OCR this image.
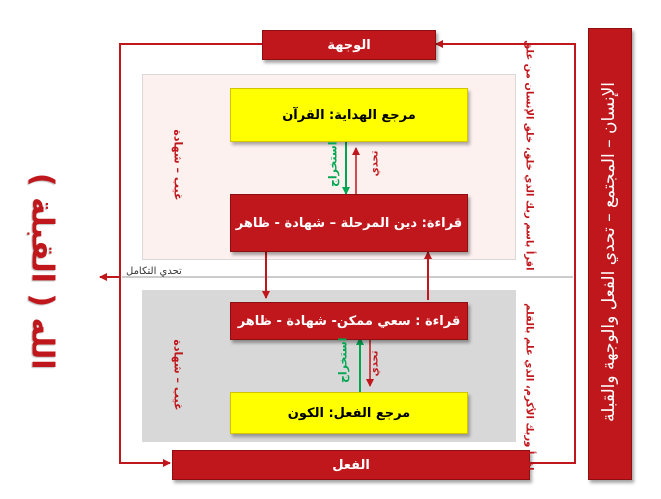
الوجهة
مرجع الهداية: القرآن
قراءة: دين المرحلة – شهادة - ظاهر
قراءة : سعي ممكن- شهادة - ظاهر
مرجع الفعل: الكون
الفعل
استخراج	تحدي
استخراج تحدي
غيب – شهادة
غيب – شهادة
تحدي التكامل
اقرأ باسم ربك الذي خلق، خلق الإنسان من علق
اقرأ وربك الأكرم، الذي علم بالقلم	الإنسان – المجتمع – تحدي الفعل والوجهة والقبلة
الله ( القبلة )
